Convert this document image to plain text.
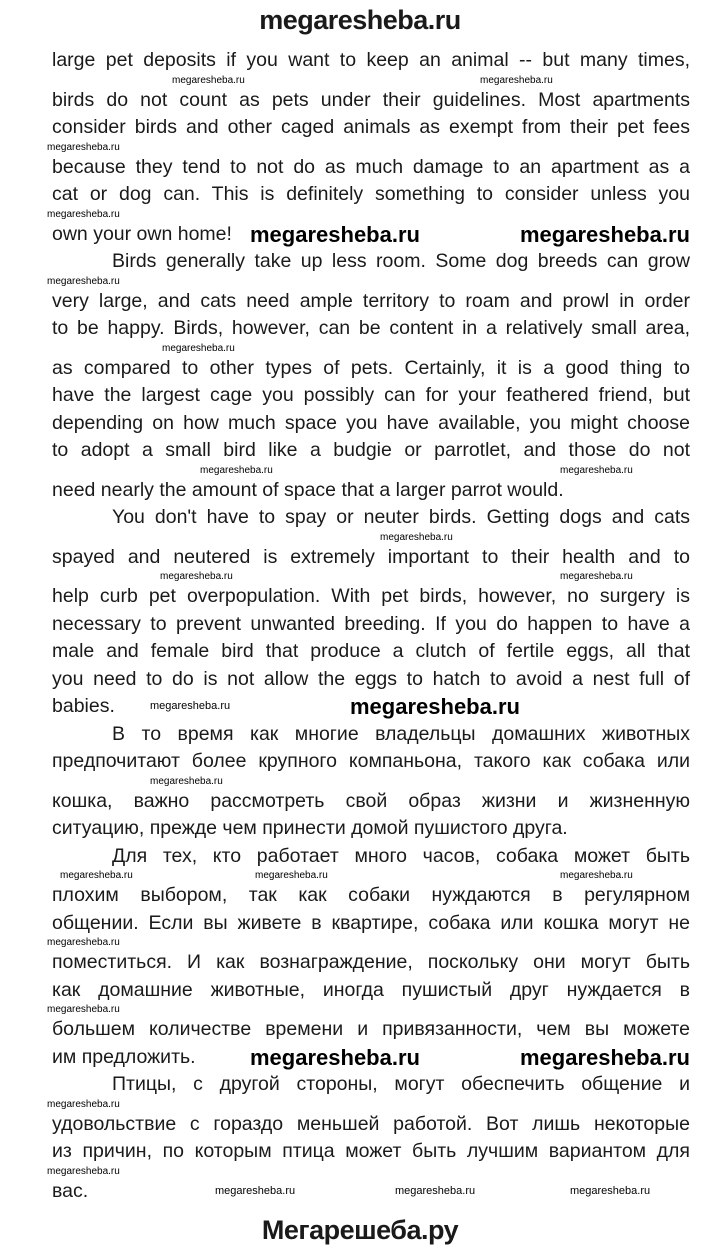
megaresheba.ru
large pet deposits if you want to keep an animal -- but many times,
megaresheba.ru	megaresheba.ru
birds do not count as pets under their guidelines. Most apartments
consider birds and other caged animals as exempt from their pet fees
megaresheba.ru
because they tend to not do as much damage to an apartment as a
cat or dog can. This is definitely something to consider unless you
megaresheba.ru
own your own home! megaresheba.ru	megaresheba.ru
Birds generally take up less room. Some dog breeds can grow
megaresheba.ru
very large, and cats need ample territory to roam and prowl in order
to be happy. Birds, however, can be content in a relatively small area,
megaresheba.ru
as compared to other types of pets. Certainly, it is a good thing to
have the largest cage you possibly can for your feathered friend, but
depending on how much space you have available, you might choose
to adopt a small bird like a budgie or parrotlet, and those do not
megaresheba.ru	megaresheba.ru
need nearly the amount of space that a larger parrot would.
You don't have to spay or neuter birds. Getting dogs and cats
megaresheba.ru
spayed and neutered is extremely important to their health and to
megaresheba.ru	megaresheba.ru
help curb pet overpopulation. With pet birds, however, no surgery is
necessary to prevent unwanted breeding. If you do happen to have a
male and female bird that produce a clutch of fertile eggs, all that
you need to do is not allow the eggs to hatch to avoid a nest full of
babies.	megaresheba.ru	megaresheba.ru
В то время как многие владельцы домашних животных
предпочитают более крупного компаньона, такого как собака или
megaresheba.ru
кошка, важно рассмотреть свой образ жизни и жизненную
ситуацию, прежде чем принести домой пушистого друга.
Для тех, кто работает много часов, собака может быть
megaresheba.ru	megaresheba.ru	megaresheba.ru
плохим выбором, так как собаки нуждаются в регулярном
общении. Если вы живете в квартире, собака или кошка могут не
megaresheba.ru
поместиться. И как вознаграждение, поскольку они могут быть
как домашние животные, иногда пушистый друг нуждается в
megaresheba.ru
большем количестве времени и привязанности, чем вы можете
им предложить. megaresheba.ru	megaresheba.ru
Птицы, с другой стороны, могут обеспечить общение и
megaresheba.ru
удовольствие с гораздо меньшей работой. Вот лишь некоторые
из причин, по которым птица может быть лучшим вариантом для
megaresheba.ru
вас.	megaresheba.ru	megaresheba.ru	megaresheba.ru
Мегарешеба.ру
